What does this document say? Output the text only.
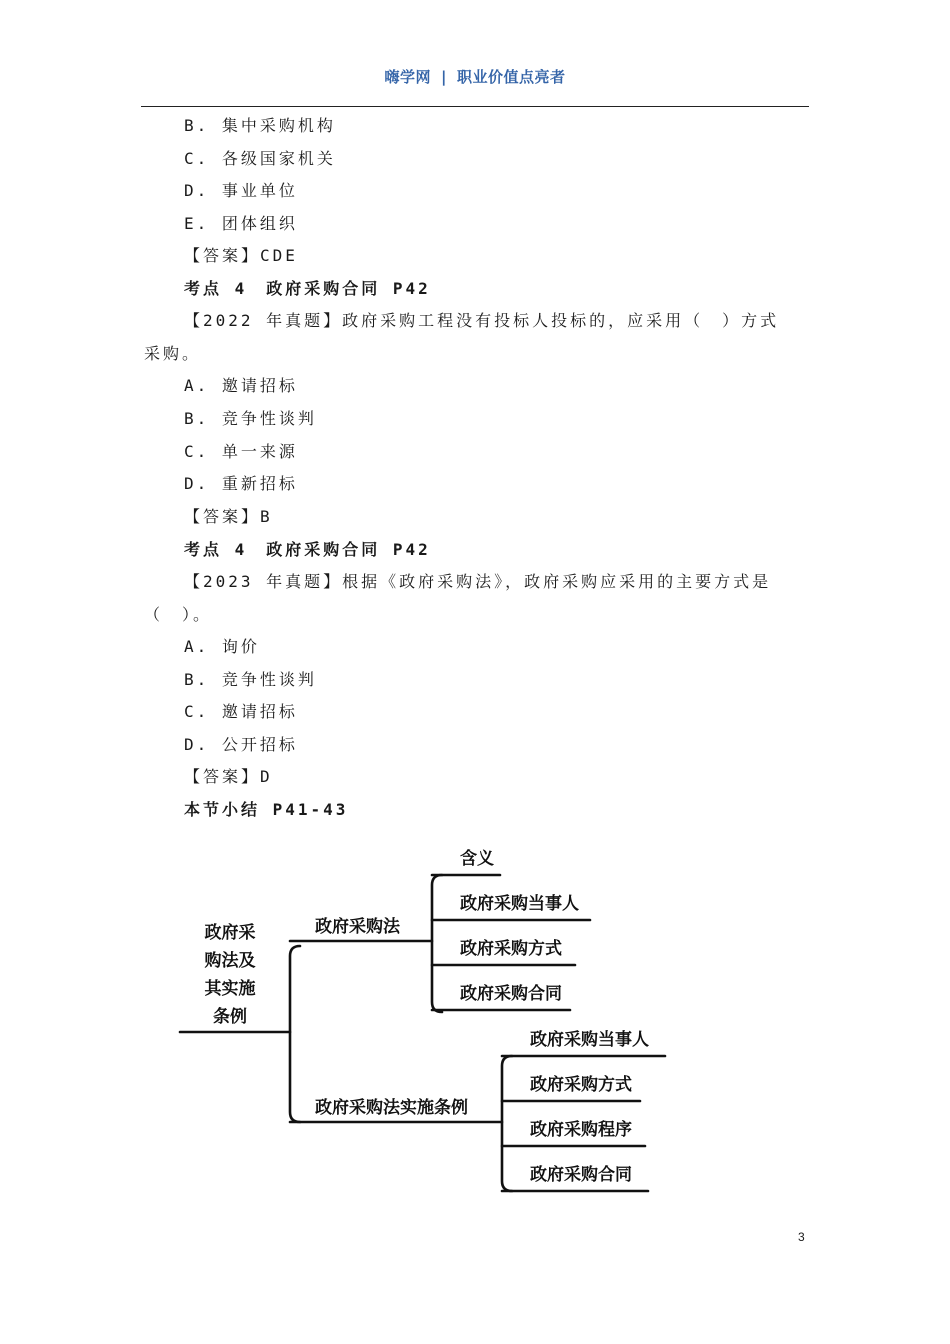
嗨学网 | 职业价值点亮者
B. 集中采购机构
C. 各级国家机关
D. 事业单位
E. 团体组织
【答案】CDE
考点 4　政府采购合同 P42
【2022 年真题】政府采购工程没有投标人投标的，应采用（　）方式
采购。
A. 邀请招标
B. 竞争性谈判
C. 单一来源
D. 重新招标
【答案】B
考点 4　政府采购合同 P42
【2023 年真题】根据《政府采购法》，政府采购应采用的主要方式是
（　）。
A. 询价
B. 竞争性谈判
C. 邀请招标
D. 公开招标
【答案】D
本节小结 P41-43
政府采
购法及
其实施
条例
政府采购法
含义
政府采购当事人
政府采购方式
政府采购合同
政府采购法实施条例
政府采购当事人
政府采购方式
政府采购程序
政府采购合同
3
